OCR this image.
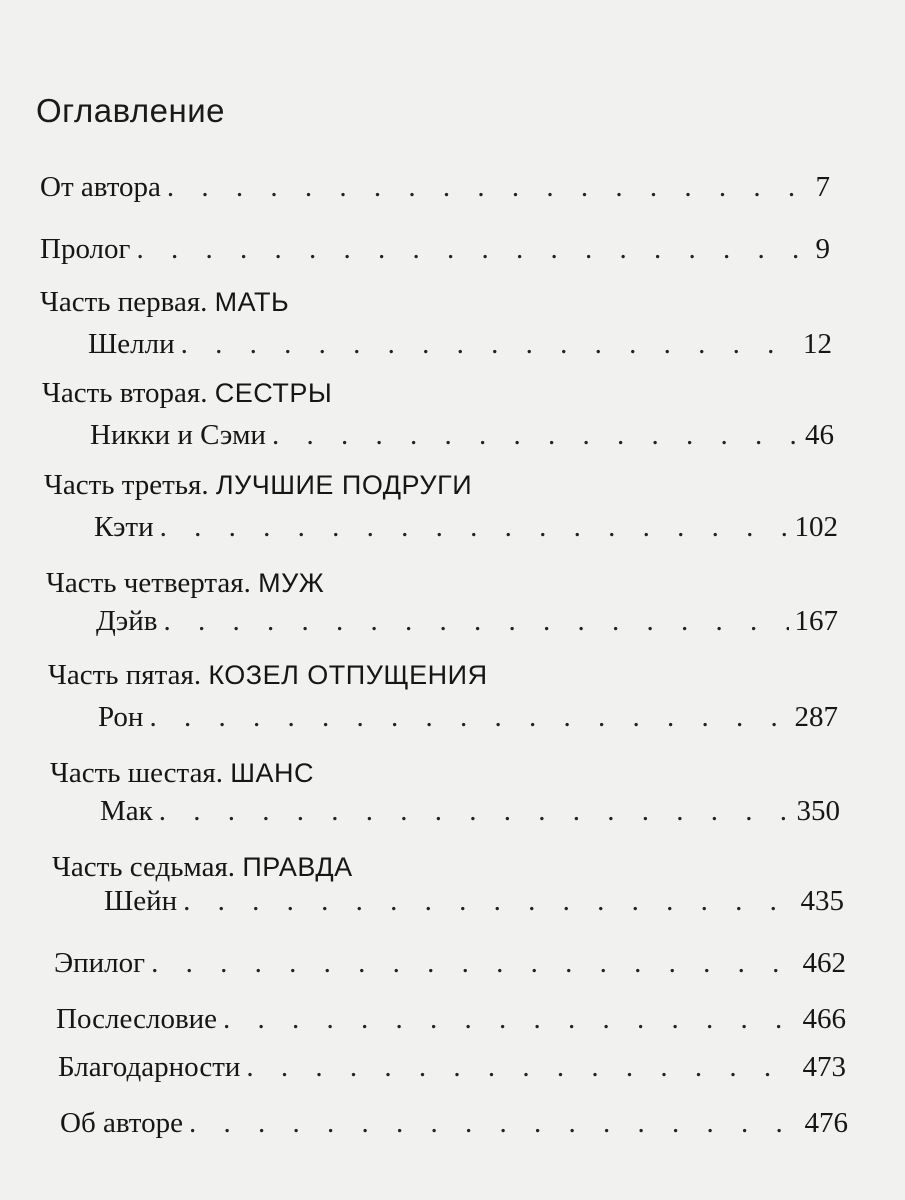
Оглавление
От автора . . .	7
Пролог . . .	9
Часть первая. МАТЬ
Шелли . . .	12
Часть вторая. СЕСТРЫ
Никки и Сэми . . .	46
Часть третья. ЛУЧШИЕ ПОДРУГИ
Кэти . . .	102
Часть четвертая. МУЖ
Дэйв . . .	167
Часть пятая. КОЗЕЛ ОТПУЩЕНИЯ
Рон . . .	287
Часть шестая. ШАНС
Мак . . .	350
Часть седьмая. ПРАВДА
Шейн . . .	435
Эпилог . . .	462
Послесловие . . .	466
Благодарности . . .	473
Об авторе . . .	476
